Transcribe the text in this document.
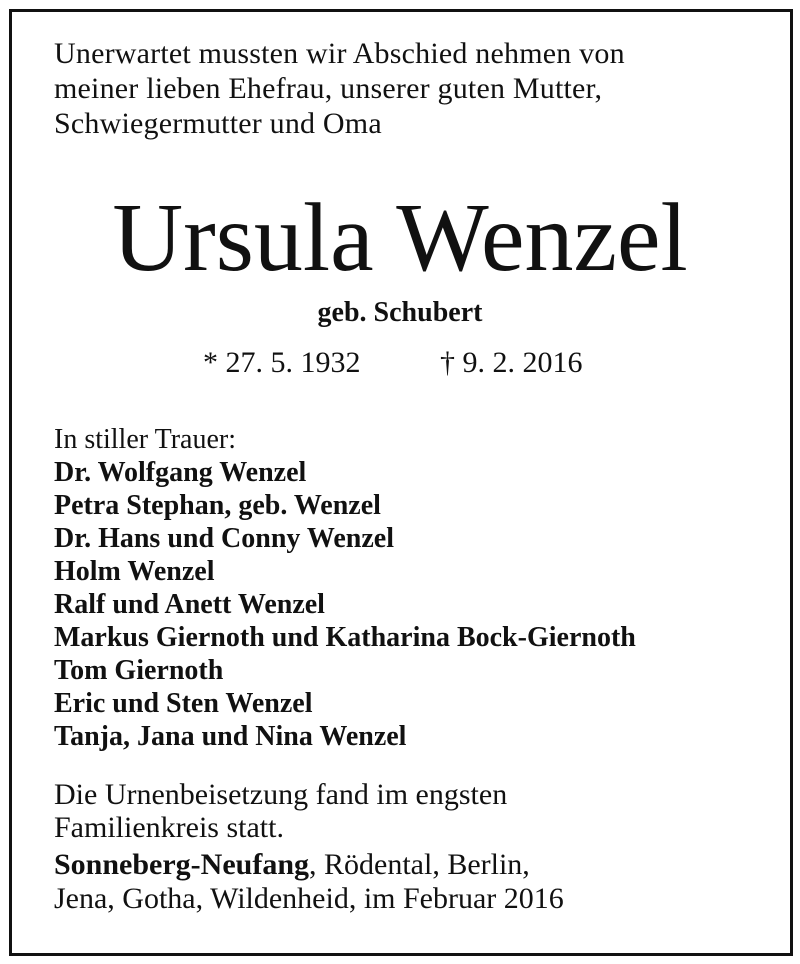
Unerwartet mussten wir Abschied nehmen von
meiner lieben Ehefrau, unserer guten Mutter,
Schwiegermutter und Oma
Ursula Wenzel
geb. Schubert
* 27. 5. 1932	† 9. 2. 2016
In stiller Trauer:
Dr. Wolfgang Wenzel
Petra Stephan, geb. Wenzel
Dr. Hans und Conny Wenzel
Holm Wenzel
Ralf und Anett Wenzel
Markus Giernoth und Katharina Bock-Giernoth
Tom Giernoth
Eric und Sten Wenzel
Tanja, Jana und Nina Wenzel
Die Urnenbeisetzung fand im engsten
Familienkreis statt.
Sonneberg-Neufang, Rödental, Berlin,
Jena, Gotha, Wildenheid, im Februar 2016
